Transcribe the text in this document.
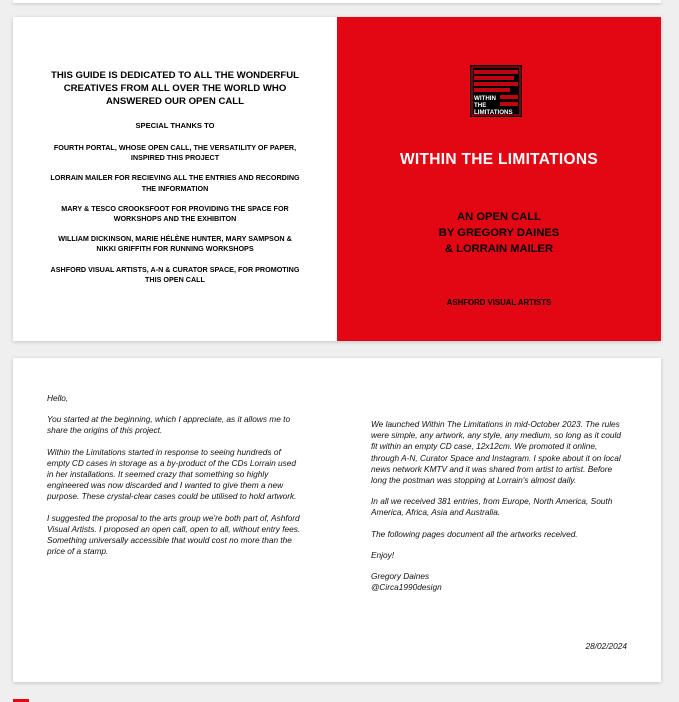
THIS GUIDE IS DEDICATED TO ALL THE WONDERFUL CREATIVES FROM ALL OVER THE WORLD WHO ANSWERED OUR OPEN CALL

SPECIAL THANKS TO

FOURTH PORTAL, WHOSE OPEN CALL, THE VERSATILITY OF PAPER, INSPIRED THIS PROJECT

LORRAIN MAILER FOR RECIEVING ALL THE ENTRIES AND RECORDING THE INFORMATION

MARY & TESCO CROOKSFOOT FOR PROVIDING THE SPACE FOR WORKSHOPS AND THE EXHIBITON

WILLIAM DICKINSON, MARIE HÉLÈNE HUNTER, MARY SAMPSON & NIKKI GRIFFITH FOR RUNNING WORKSHOPS

ASHFORD VISUAL ARTISTS, A-N & CURATOR SPACE, FOR PROMOTING THIS OPEN CALL

WITHIN
THE
LIMITATIONS
WITHIN THE LIMITATIONS
AN OPEN CALL
BY GREGORY DAINES
& LORRAIN MAILER
ASHFORD VISUAL ARTISTS

Hello,

You started at the beginning, which I appreciate, as it allows me to share the origins of this project.

Within the Limitations started in response to seeing hundreds of empty CD cases in storage as a by-product of the CDs Lorrain used in her installations. It seemed crazy that something so highly engineered was now discarded and I wanted to give them a new purpose. These crystal-clear cases could be utilised to hold artwork.

I suggested the proposal to the arts group we're both part of, Ashford Visual Artists. I proposed an open call, open to all, without entry fees. Something universally accessible that would cost no more than the price of a stamp.

We launched Within The Limitations in mid-October 2023. The rules were simple, any artwork, any style, any medium, so long as it could fit within an empty CD case, 12x12cm. We promoted it online, through A-N, Curator Space and Instagram. I spoke about it on local news network KMTV and it was shared from artist to artist. Before long the postman was stopping at Lorrain's almost daily.

In all we received 381 entries, from Europe, North America, South America, Africa, Asia and Australia.

The following pages document all the artworks received.

Enjoy!

Gregory Daines

@Circa1990design

28/02/2024
